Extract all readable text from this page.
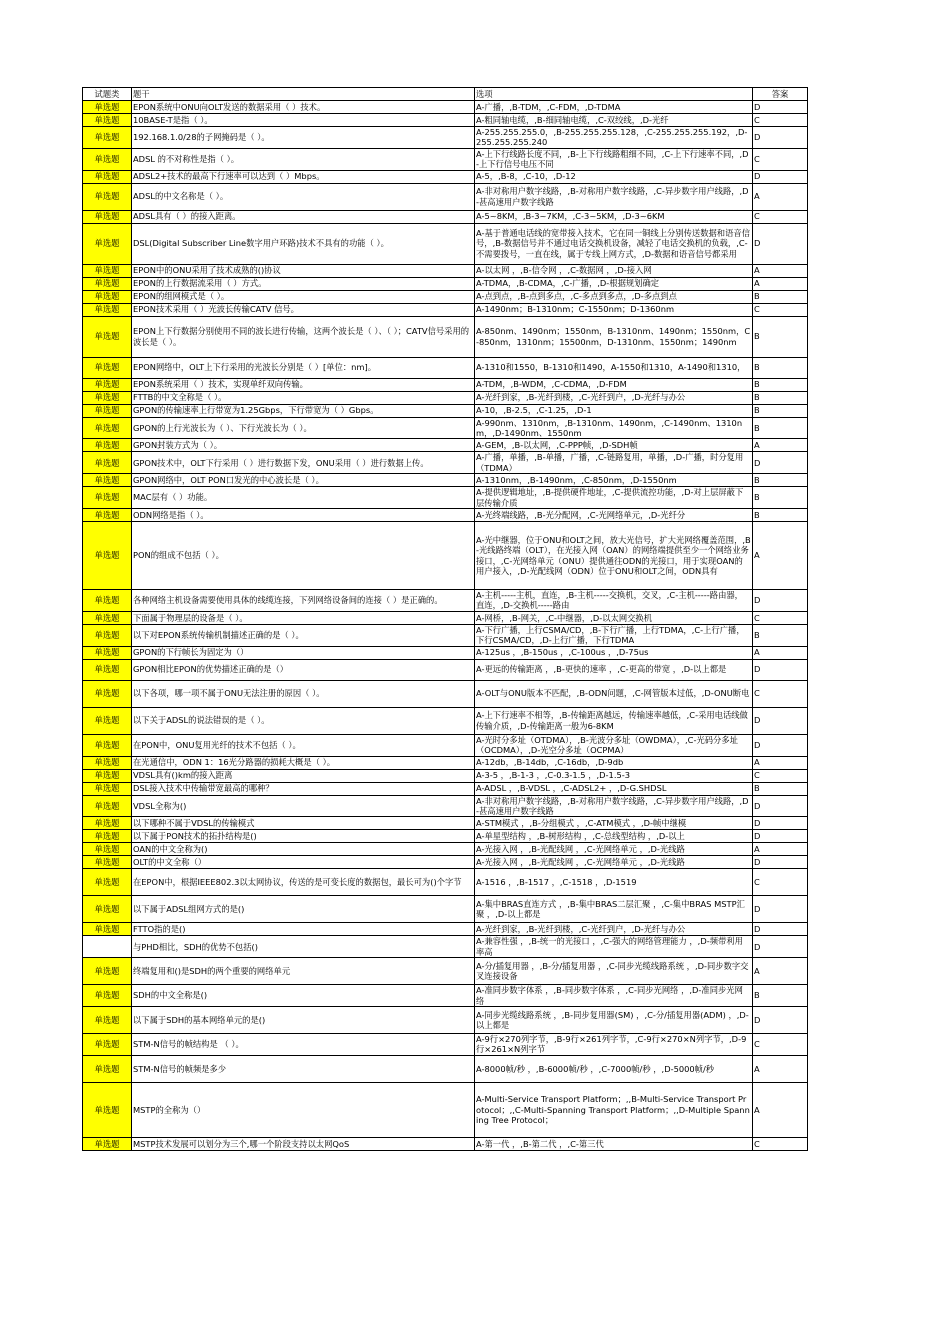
试题类	题干	选项	答案
单选题	EPON系统中ONU向OLT发送的数据采用（ ）技术。	A-广播，,B-TDM，,C-FDM，,D-TDMA	D
单选题	10BASE-T是指（ ）。	A-粗同轴电缆，,B-细同轴电缆，,C-双绞线，,D-光纤	C
单选题	192.168.1.0/28的子网掩码是（ ）。	A-255.255.255.0，,B-255.255.255.128，,C-255.255.255.192，,D-255.255.255.240	D
单选题	ADSL 的不对称性是指（ ）。	A-上下行线路长度不同，,B-上下行线路粗细不同，,C-上下行速率不同，,D-上下行信号电压不同	C
单选题	ADSL2+技术的最高下行速率可以达到（ ）Mbps。	A-5，,B-8，,C-10，,D-12	D
单选题	ADSL的中文名称是（ ）。	A-非对称用户数字线路，,B-对称用户数字线路，,C-异步数字用户线路，,D-甚高速用户数字线路	A
单选题	ADSL具有（ ）的接入距离。	A-5~8KM，,B-3~7KM，,C-3~5KM，,D-3~6KM	C
单选题	DSL(Digital Subscriber Line数字用户环路)技术不具有的功能（ ）。	A-基于普通电话线的宽带接入技术，它在同一铜线上分别传送数据和语音信号，,B-数据信号并不通过电话交换机设备，减轻了电话交换机的负载，,C-不需要拨号，一直在线，属于专线上网方式，,D-数据和语音信号都采用	D
单选题	EPON中的ONU采用了技术成熟的()协议	A-以太网 ，,B-信令网 ，,C-数据网 ，,D-接入网	A
单选题	EPON的上行数据流采用（ ）方式。	A-TDMA，,B-CDMA，,C-广播，,D-根据规划确定	A
单选题	EPON的组网模式是（ ）。	A-点到点，,B-点到多点，,C-多点到多点，,D-多点到点	B
单选题	EPON技术采用（ ）光波长传输CATV 信号。	A-1490nm；B-1310nm；C-1550nm；D-1360nm	C
单选题	EPON上下行数据分别使用不同的波长进行传输，这两个波长是（ ）、（ ）；CATV信号采用的波长是（ ）。	A-850nm、1490nm；1550nm，B-1310nm、1490nm；1550nm，C-850nm，1310nm；15500nm，D-1310nm、1550nm；1490nm	B
单选题	EPON网络中，OLT上下行采用的光波长分别是（ ）[单位：nm]。	A-1310和1550，B-1310和1490，A-1550和1310，A-1490和1310，	B
单选题	EPON系统采用（ ）技术，实现单纤双向传输。	A-TDM，,B-WDM，,C-CDMA，,D-FDM	B
单选题	FTTB的中文全称是（ ）。	A-光纤到家，,B-光纤到楼，,C-光纤到户，,D-光纤与办公	B
单选题	GPON的传输速率上行带宽为1.25Gbps，下行带宽为（ ）Gbps。	A-10，,B-2.5，,C-1.25，,D-1	B
单选题	GPON的上行光波长为（ ）、下行光波长为（ ）。	A-990nm、1310nm，,B-1310nm、1490nm，,C-1490nm、1310nm，,D-1490nm、1550nm	B
单选题	GPON封装方式为（ ）。	A-GEM，,B-以太网，,C-PPP帧，,D-SDH帧	A
单选题	GPON技术中，OLT下行采用（ ）进行数据下发，ONU采用（ ）进行数据上传。	A-广播，单播，,B-单播，广播，,C-链路复用，单播，,D-广播，时分复用（TDMA）	D
单选题	GPON网络中，OLT PON口发光的中心波长是（ ）。	A-1310nm，,B-1490nm，,C-850nm，,D-1550nm	B
单选题	MAC层有（ ）功能。	A-提供逻辑地址，,B-提供硬件地址，,C-提供流控功能，,D-对上层屏蔽下层传输介质	B
单选题	ODN网络是指（ ）。	A-光终端线路，,B-光分配网，,C-光网络单元，,D-光纤分	B
单选题	PON的组成不包括（ ）。	A-光中继器，位于ONU和OLT之间，放大光信号，扩大光网络覆盖范围，,B-光线路终端（OLT），在光接入网（OAN）的网络端提供至少一个网络业务接口，,C-光网络单元（ONU）提供通往ODN的光接口，用于实现OAN的用户接入，,D-光配线网（ODN）位于ONU和OLT之间，ODN具有	A
单选题	各种网络主机设备需要使用具体的线缆连接，下列网络设备间的连接（ ）是正确的。	A-主机-----主机，直连，,B-主机-----交换机，交叉，,C-主机-----路由器，直连，,D-交换机-----路由	D
单选题	下面属于物理层的设备是（ ）。	A-网桥，,B-网关，,C-中继器，,D-以太网交换机	C
单选题	以下对EPON系统传输机制描述正确的是（ ）。	A-下行广播，上行CSMA/CD，,B-下行广播，上行TDMA，,C-上行广播，下行CSMA/CD，,D-上行广播，下行TDMA	B
单选题	GPON的下行帧长为固定为（）	A-125us ，,B-150us ，,C-100us ，,D-75us	A
单选题	GPON相比EPON的优势描述正确的是（）	A-更远的传输距离 ，,B-更快的速率 ，,C-更高的带宽 ，,D-以上都是	D
单选题	以下各项，哪一项不属于ONU无法注册的原因（ ）。	A-OLT与ONU版本不匹配，,B-ODN问题，,C-网管版本过低，,D-ONU断电	C
单选题	以下关于ADSL的说法错误的是（ ）。	A-上下行速率不相等，,B-传输距离越远，传输速率越低，,C-采用电话线做传输介质，,D-传输距离一般为6-8KM	D
单选题	在PON中，ONU复用光纤的技术不包括（ ）。	A-光时分多址（OTDMA），,B-光波分多址（OWDMA），,C-光码分多址（OCDMA），,D-光空分多址（OCPMA）	D
单选题	在光通信中，ODN 1：16光分路器的损耗大概是（ ）。	A-12db，,B-14db，,C-16db，,D-9db	A
单选题	VDSL具有()km的接入距离	A-3-5 ，,B-1-3 ，,C-0.3-1.5 ，,D-1.5-3	C
单选题	DSL接入技术中传输带宽最高的哪种？	A-ADSL ，,B-VDSL ，,C-ADSL2+ ，,D-G.SHDSL	B
单选题	VDSL全称为()	A-非对称用户数字线路，,B-对称用户数字线路，,C-异步数字用户线路，,D-甚高速用户数字线路	D
单选题	以下哪种不属于VDSL的传输模式	A-STM模式 ，,B-分组模式 ，,C-ATM模式 ，,D-帧中继模	D
单选题	以下属于PON技术的拓扑结构是()	A-单星型结构 ，,B-树形结构 ，,C-总线型结构 ，,D-以上	D
单选题	OAN的中文全称为()	A-光接入网 ，,B-光配线网 ，,C-光网络单元 ，,D-光线路	A
单选题	OLT的中文全称（）	A-光接入网 ，,B-光配线网 ，,C-光网络单元 ，,D-光线路	D
单选题	在EPON中，根据IEEE802.3以太网协议，传送的是可变长度的数据包，最长可为()个字节	A-1516 ，,B-1517 ，,C-1518 ，,D-1519	C
单选题	以下属于ADSL组网方式的是()	A-集中BRAS直连方式 ，,B-集中BRAS二层汇聚 ，,C-集中BRAS MSTP汇聚 ，,D-以上都是	D
单选题	FTTO指的是()	A-光纤到家，,B-光纤到楼，,C-光纤到户，,D-光纤与办公	D
	与PHD相比，SDH的优势不包括()	A-兼容性强 ，,B-统一的光接口 ，,C-强大的网络管理能力 ，,D-频带利用率高	D
单选题	终端复用和()是SDH的两个重要的网络单元	A-分/插复用器 ，,B-分/插复用器 ，,C-同步光缆线路系统 ，,D-同步数字交叉连接设备	A
单选题	SDH的中文全称是()	A-准同步数字体系 ，,B-同步数字体系 ，,C-同步光网络 ，,D-准同步光网络	B
单选题	以下属于SDH的基本网络单元的是()	A-同步光缆线路系统 ，,B-同步复用器(SM) ，,C-分/插复用器(ADM) ，,D-以上都是	D
单选题	STM-N信号的帧结构是 （ ）。	A-9行×270列字节，,B-9行×261列字节，,C-9行×270×N列字节，,D-9行×261×N列字节	C
单选题	STM-N信号的帧频是多少	A-8000帧/秒 ，,B-6000帧/秒 ，,C-7000帧/秒 ，,D-5000帧/秒	A
单选题	MSTP的全称为（）	A-Multi-Service Transport Platform；,,B-Multi-Service Transport Protocol；,,C-Multi-Spanning Transport Platform；,,D-Multiple Spanning Tree Protocol；	A
单选题	MSTP技术发展可以划分为三个,哪一个阶段支持以太网QoS	A-第一代 ，,B-第二代 ，,C-第三代	C
